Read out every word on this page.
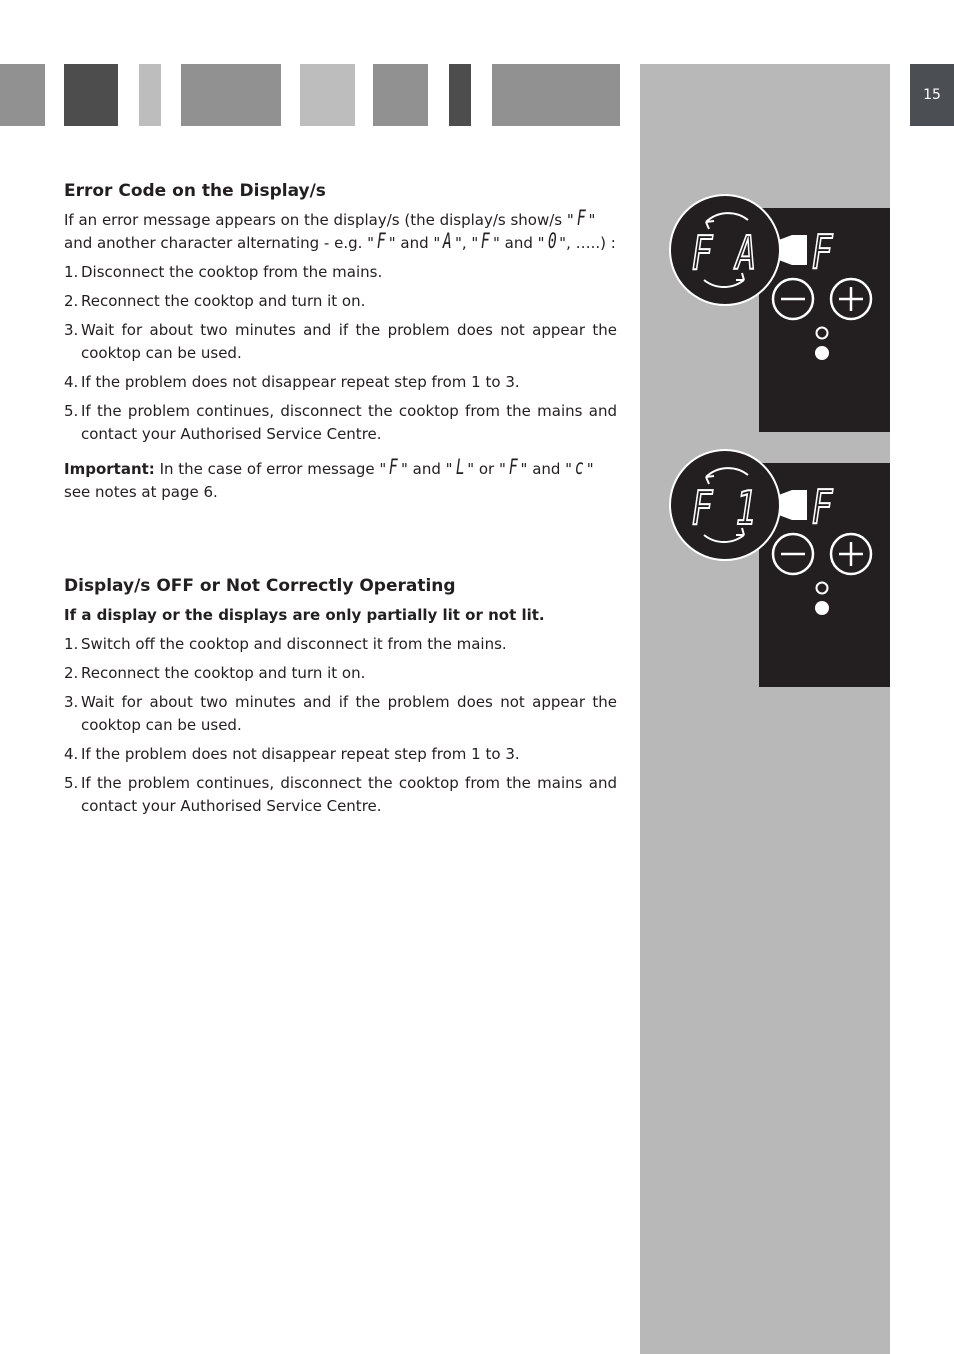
15
Error Code on the Display/s

If an error message appears on the display/s (the display/s show/s " F " and another character alternating - e.g. " F " and " A ", " F " and " 0 ", …..) :

1. Disconnect the cooktop from the mains.
2. Reconnect the cooktop and turn it on.
3. Wait for about two minutes and if the problem does not appear the cooktop can be used.
4. If the problem does not disappear repeat step from 1 to 3.
5. If the problem continues, disconnect the cooktop from the mains and contact your Authorised Service Centre.

Important: In the case of error message " F " and " L " or " F " and " c " see notes at page 6.

Display/s OFF or Not Correctly Operating

If a display or the displays are only partially lit or not lit.

1. Switch off the cooktop and disconnect it from the mains.
2. Reconnect the cooktop and turn it on.
3. Wait for about two minutes and if the problem does not appear the cooktop can be used.
4. If the problem does not disappear repeat step from 1 to 3.
5. If the problem continues, disconnect the cooktop from the mains and contact your Authorised Service Centre.
F A F
F 1 F
